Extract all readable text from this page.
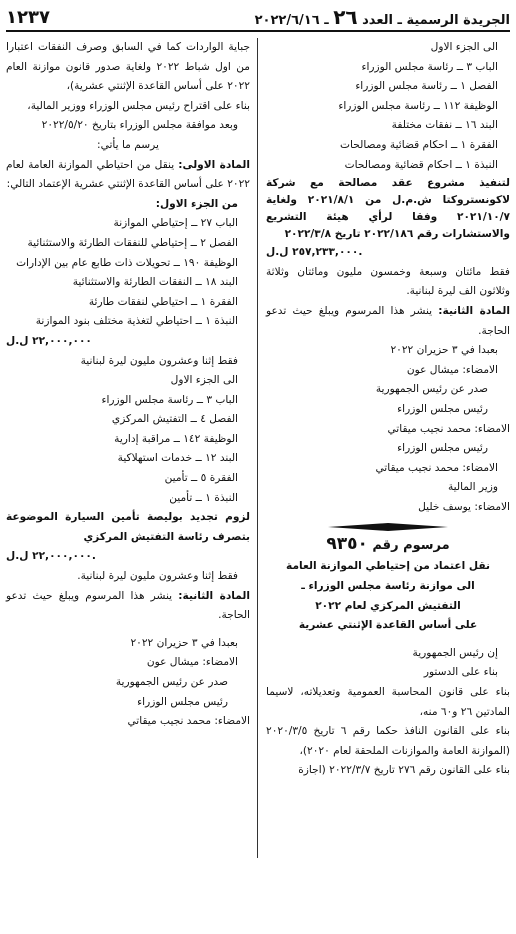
الجريدة الرسمية ـ العدد ٢٦ ـ ٢٠٢٢/٦/١٦
١٢٣٧

الى الجزء الاول

الباب ٣ ــ رئاسة مجلس الوزراء

الفصل ١ ــ رئاسة مجلس الوزراء

الوظيفة ١١٢ ــ رئاسة مجلس الوزراء

البند ١٦ ــ نفقات مختلفة

الفقرة ١ ــ احكام قضائية ومصالحات

النبذة ١ ــ احكام قضائية ومصالحات

لتنفيذ مشروع عقد مصالحة مع شركة لاكونستروكتا ش.م.ل من ٢٠٢١/٨/١ ولغاية ٢٠٢١/١٠/٧ وفقا لرأي هيئة التشريع والاستشارات رقم ٢٠٢٢/١٨٦ تاريخ ٢٠٢٢/٣/٨

٢٥٧,٢٣٣,٠٠٠ ل.ل.

فقط مائتان وسبعة وخمسون مليون ومائتان وثلاثة وثلاثون الف ليرة لبنانية.

المادة الثانية: ينشر هذا المرسوم ويبلغ حيث تدعو الحاجة.

بعبدا في ٣ حزيران ٢٠٢٢

الامضاء: ميشال عون

صدر عن رئيس الجمهورية

رئيس مجلس الوزراء

الامضاء: محمد نجيب ميقاتي

رئيس مجلس الوزراء

الامضاء: محمد نجيب ميقاتي

وزير المالية

الامضاء: يوسف خليل

مرسوم رقم ٩٣٥٠

نقل اعتماد من إحتياطي الموازنة العامة

الى موازنة رئاسة مجلس الوزراء ـ

التفتيش المركزي لعام ٢٠٢٢

على أساس القاعدة الإثنتي عشرية

إن رئيس الجمهورية

بناء على الدستور

بناء على قانون المحاسبة العمومية وتعديلاته، لاسيما المادتين ٢٦ و٦٠ منه،

بناء على القانون النافذ حكما رقم ٦ تاريخ ٢٠٢٠/٣/٥ (الموازنة العامة والموازنات الملحقة لعام ٢٠٢٠)،

بناء على القانون رقم ٢٧٦ تاريخ ٢٠٢٢/٣/٧ (اجازة

جباية الواردات كما في السابق وصرف النفقات اعتبارا من اول شباط ٢٠٢٢ ولغاية صدور قانون موازنة العام ٢٠٢٢ على أساس القاعدة الإثنتي عشرية)،

بناء على اقتراح رئيس مجلس الوزراء ووزير المالية،

وبعد موافقة مجلس الوزراء بتاريخ ٢٠٢٢/٥/٢٠

يرسم ما يأتي:

المادة الاولى: ينقل من احتياطي الموازنة العامة لعام ٢٠٢٢ على أساس القاعدة الإثنتي عشرية الإعتماد التالي:

من الجزء الاول:

الباب ٢٧ ــ إحتياطي الموازنة

الفصل ٢ ــ إحتياطي للنفقات الطارئة والاستثنائية

الوظيفة ١٩٠ ــ تحويلات ذات طابع عام بين الإدارات

البند ١٨ ــ النفقات الطارئة والاستثنائية

الفقرة ١ ــ احتياطي لنفقات طارئة

النبذة ١ ــ احتياطي لتغذية مختلف بنود الموازنة

٢٢,٠٠٠,٠٠٠ ل.ل

فقط إثنا وعشرون مليون ليرة لبنانية

الى الجزء الاول

الباب ٣ ــ رئاسة مجلس الوزراء

الفصل ٤ ــ التفتيش المركزي

الوظيفة ١٤٢ ــ مراقبة إدارية

البند ١٢ ــ خدمات استهلاكية

الفقرة ٥ ــ تأمين

النبذة ١ ــ تأمين

لزوم تجديد بوليصة تأمين السيارة الموضوعة بتصرف رئاسة التفتيش المركزي

٢٢,٠٠٠,٠٠٠ ل.ل.

فقط إثنا وعشرون مليون ليرة لبنانية.

المادة الثانية: ينشر هذا المرسوم ويبلغ حيث تدعو الحاجة.

بعبدا في ٣ حزيران ٢٠٢٢

الامضاء: ميشال عون

صدر عن رئيس الجمهورية

رئيس مجلس الوزراء

الامضاء: محمد نجيب ميقاتي
